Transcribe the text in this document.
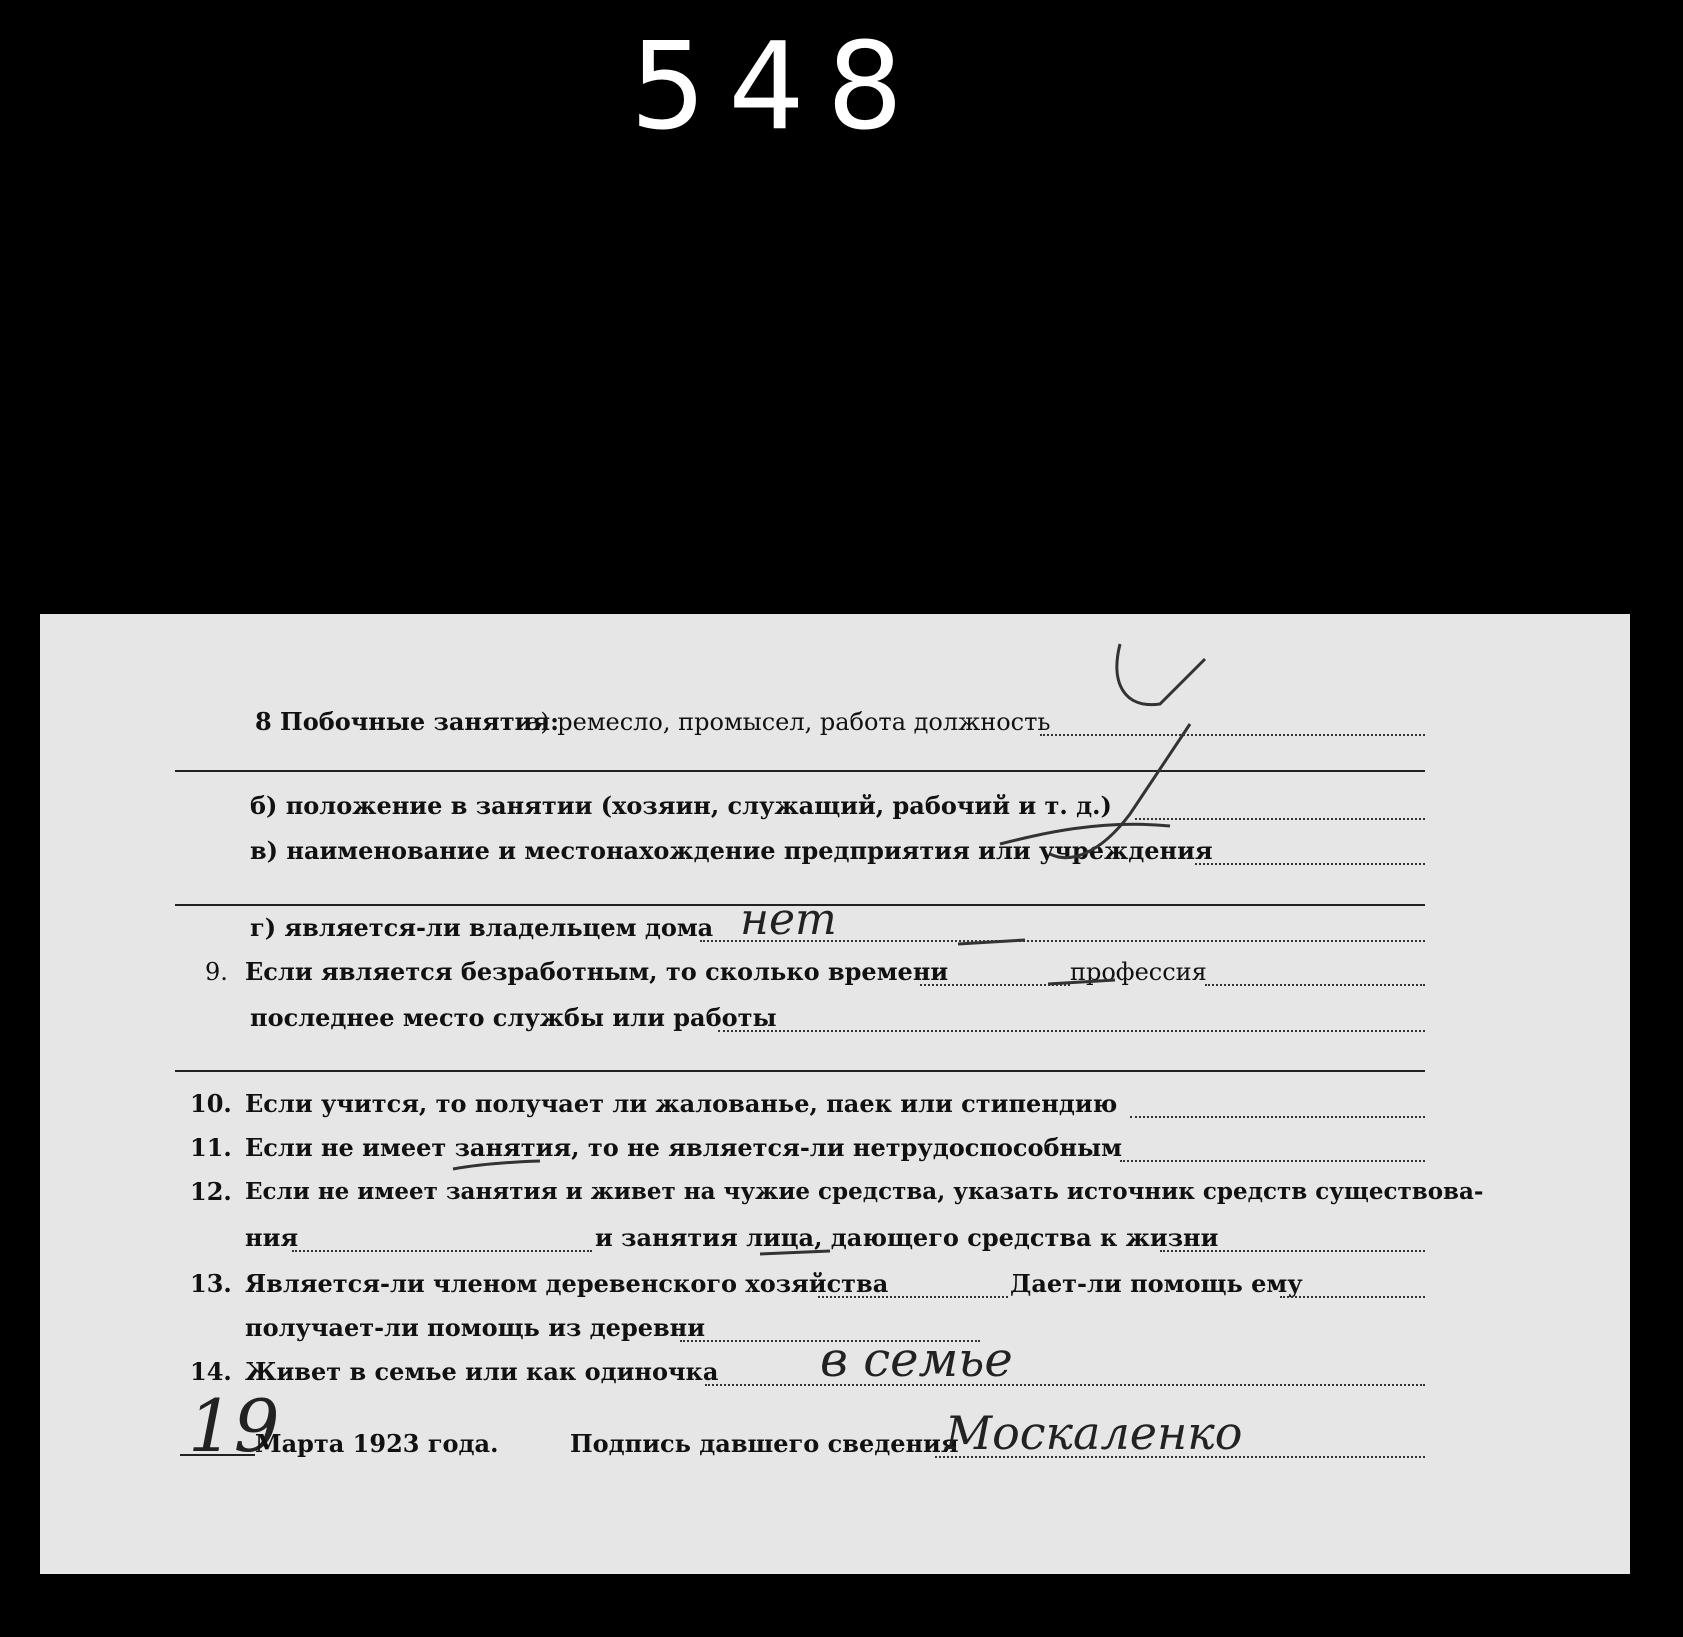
548
8 Побочные занятия:
а) ремесло, промысел, работа должность
б) положение в занятии (хозяин, служащий, рабочий и т. д.)
в) наименование и местонахождение предприятия или учреждения
г) является-ли владельцем дома нет
9. Если является безработным, то сколько времени	профессия
последнее место службы или работы
10. Если учится, то получает ли жалованье, паек или стипендию
11. Если не имеет занятия, то не является-ли нетрудоспособным
12. Если не имеет занятия и живет на чужие средства, указать источник средств существова-
ния	и занятия лица, дающего средства к жизни
13. Является-ли членом деревенского хозяйства	Дает-ли помощь ему
получает-ли помощь из деревни
14. Живет в семье или как одиночка в семье
19
Марта 1923 года.	Подпись давшего сведения
Москаленко
